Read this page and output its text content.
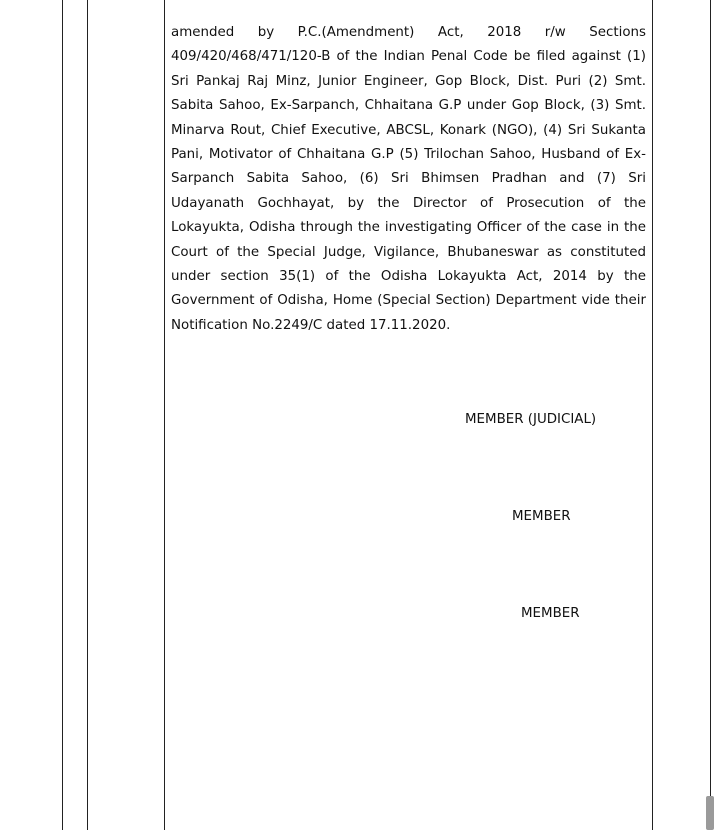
amended by P.C.(Amendment) Act, 2018 r/w Sections
409/420/468/471/120-B of the Indian Penal Code be filed against (1)
Sri Pankaj Raj Minz, Junior Engineer, Gop Block, Dist. Puri (2) Smt.
Sabita Sahoo, Ex-Sarpanch, Chhaitana G.P under Gop Block, (3) Smt.
Minarva Rout, Chief Executive, ABCSL, Konark (NGO), (4) Sri Sukanta
Pani, Motivator of Chhaitana G.P (5) Trilochan Sahoo, Husband of Ex-
Sarpanch Sabita Sahoo, (6) Sri Bhimsen Pradhan and (7) Sri
Udayanath Gochhayat, by the Director of Prosecution of the
Lokayukta, Odisha through the investigating Officer of the case in the
Court of the Special Judge, Vigilance, Bhubaneswar as constituted
under section 35(1) of the Odisha Lokayukta Act, 2014 by the
Government of Odisha, Home (Special Section) Department vide their
Notification No.2249/C dated 17.11.2020.

MEMBER (JUDICIAL)

MEMBER

MEMBER
